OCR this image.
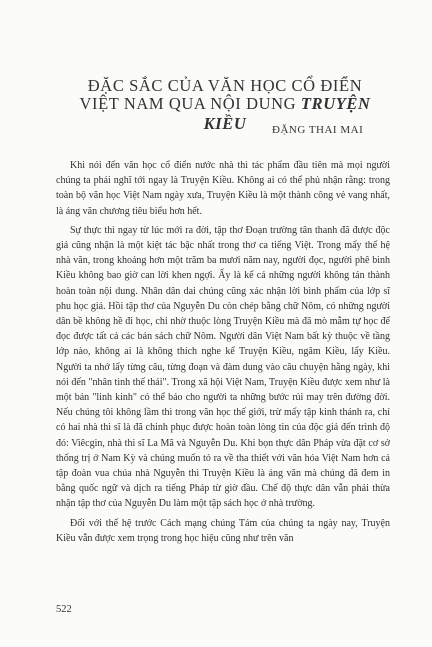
ĐẶC SẮC CỦA VĂN HỌC CỔ ĐIỂN
VIỆT NAM QUA NỘI DUNG TRUYỆN KIỀU	ĐẶNG THAI MAI

Khi nói đến văn học cổ điển nước nhà thì tác phẩm đầu tiên mà mọi người chúng ta phải nghĩ tới ngay là Truyện Kiều. Không ai có thể phủ nhận rằng: trong toàn bộ văn học Việt Nam ngày xưa, Truyện Kiều là một thành công vẻ vang nhất, là áng văn chương tiêu biểu hơn hết.

Sự thực thì ngay từ lúc mới ra đời, tập thơ Đoạn trường tân thanh đã được độc giả cũng nhận là một kiệt tác bậc nhất trong thơ ca tiếng Việt. Trong mấy thế hệ nhà văn, trong khoảng hơn một trăm ba mươi năm nay, người đọc, người phê bình Kiều không bao giờ can lời khen ngợi. Ấy là kể cả những người không tán thành hoàn toàn nội dung. Nhân dân dai chúng cũng xác nhận lời bình phẩm của lớp sĩ phu học giả. Hồi tập thơ của Nguyễn Du còn chép bằng chữ Nôm, có những người dân bề không hề đi học, chỉ nhờ thuộc lòng Truyện Kiều mà đã mò mẫm tự học để đọc được tất cả các bản sách chữ Nôm. Người dân Việt Nam bất kỳ thuộc về tầng lớp nào, không ai là không thích nghe kể Truyện Kiều, ngâm Kiều, lẩy Kiều. Người ta nhớ lẩy từng câu, từng đoạn và đàm dung vào câu chuyện hằng ngày, khi nói đến "nhân tình thế thái". Trong xã hội Việt Nam, Truyện Kiều được xem như là một bản "linh kinh" có thể báo cho người ta những bước rủi may trên đường đời. Nếu chúng tôi không lầm thì trong văn học thế giới, trừ mấy tập kinh thánh ra, chỉ có hai nhà thi sĩ là đã chinh phục được hoàn toàn lòng tin của độc giả đến trình độ đó: Viêcgin, nhà thi sĩ La Mã và Nguyễn Du. Khi bọn thực dân Pháp vừa đặt cơ sở thống trị ở Nam Kỳ và chúng muốn tỏ ra về tha thiết với văn hóa Việt Nam hơn cả tập đoàn vua chúa nhà Nguyễn thì Truyện Kiều là áng văn mà chúng đã đem in bằng quốc ngữ và dịch ra tiếng Pháp từ giờ đầu. Chế độ thực dân vẫn phải thừa nhận tập thơ của Nguyễn Du làm một tập sách học ở nhà trường.

Đối với thế hệ trước Cách mạng chúng Tám của chúng ta ngày nay, Truyện Kiều vẫn được xem trọng trong học hiệu cũng như trên văn

522
